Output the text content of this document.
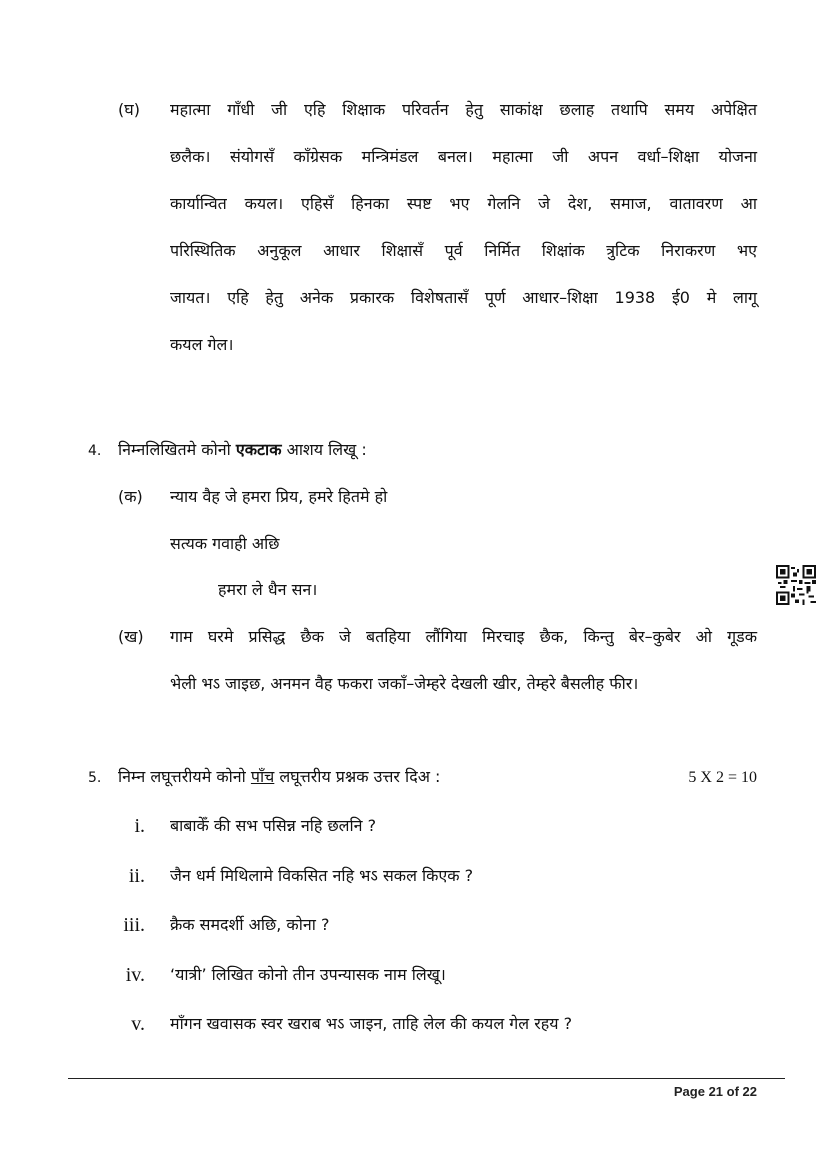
(घ) महात्मा गाँधी जी एहि शिक्षाक परिवर्तन हेतु साकांक्ष छलाह तथापि समय अपेक्षित
छलैक। संयोगसँ कॉंग्रेसक मन्त्रिमंडल बनल। महात्मा जी अपन वर्धा–शिक्षा योजना
कार्यान्वित कयल। एहिसँ हिनका स्पष्ट भए गेलनि जे देश, समाज, वातावरण आ
परिस्थितिक अनुकूल आधार शिक्षासँ पूर्व निर्मित शिक्षांक त्रुटिक निराकरण भए
जायत। एहि हेतु अनेक प्रकारक विशेषतासँ पूर्ण आधार–शिक्षा 1938 ई0 मे लागू
कयल गेल।
4. निम्नलिखितमे कोनो एकटाक आशय लिखू :
(क) न्याय वैह जे हमरा प्रिय, हमरे हितमे हो
सत्यक गवाही अछि
हमरा ले धैन सन।
(ख) गाम घरमे प्रसिद्ध छैक जे बतहिया लौंगिया मिरचाइ छैक, किन्तु बेर–कुबेर ओ गूडक
भेली भऽ जाइछ, अनमन वैह फकरा जकाँ–जेम्हरे देखली खीर, तेम्हरे बैसलीह फीर।
5. निम्न लघूत्तरीयमे कोनो पाँच लघूत्तरीय प्रश्नक उत्तर दिअ :	5 X 2 = 10
i. बाबाकेँ की सभ पसिन्न नहि छलनि ?
ii. जैन धर्म मिथिलामे विकसित नहि भऽ सकल किएक ?
iii. क्रैक समदर्शी अछि, कोना ?
iv. ‘यात्री’ लिखित कोनो तीन उपन्यासक नाम लिखू।
v. माँगन खवासक स्वर खराब भऽ जाइन, ताहि लेल की कयल गेल रहय ?
Page 21 of 22
